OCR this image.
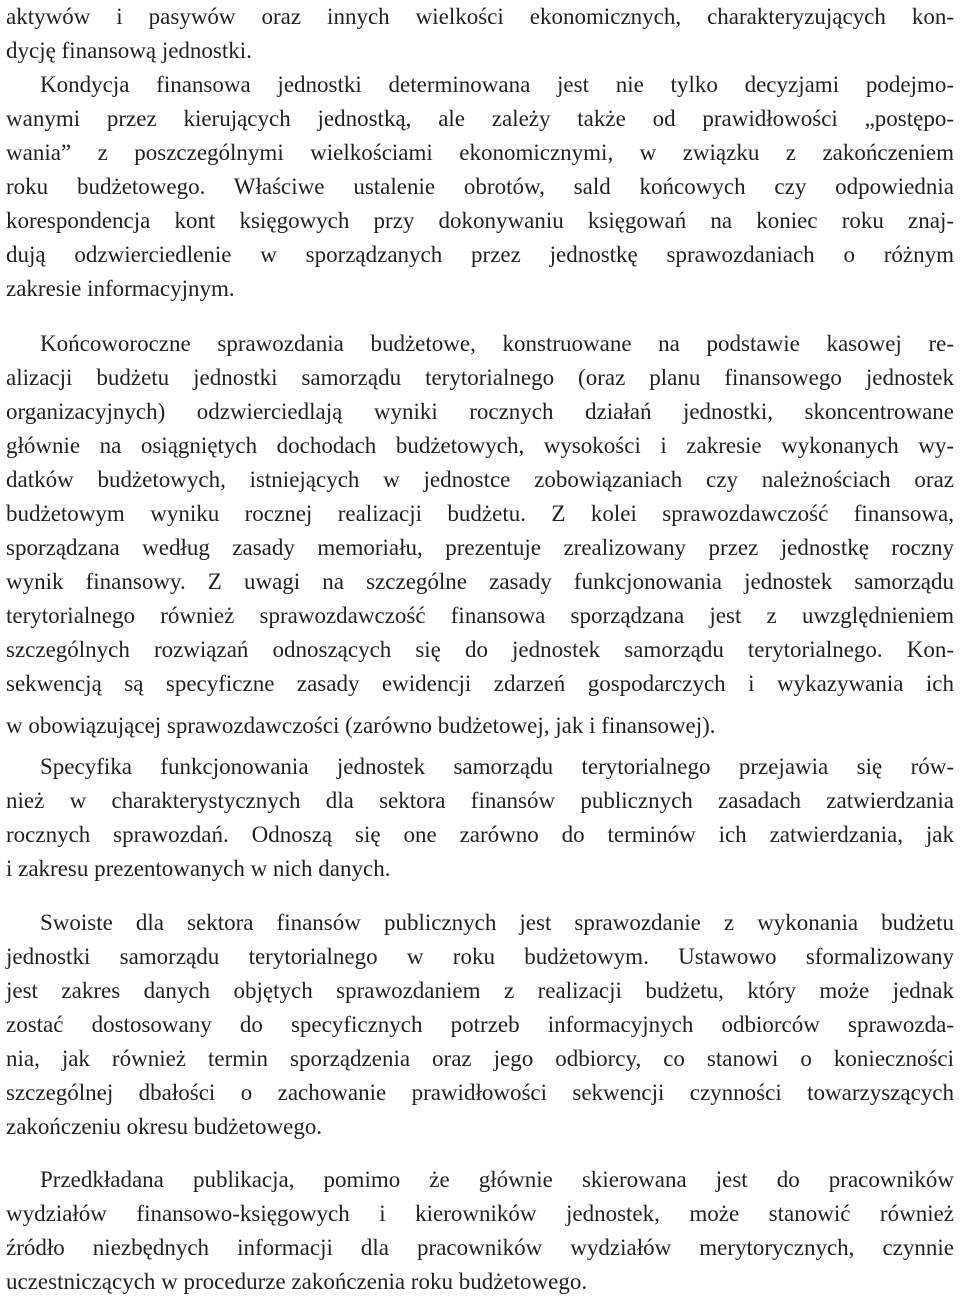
aktywów i pasywów oraz innych wielkości ekonomicznych, charakteryzujących kon-

dycję finansową jednostki.

Kondycja finansowa jednostki determinowana jest nie tylko decyzjami podejmo-

wanymi przez kierujących jednostką, ale zależy także od prawidłowości „postępo-

wania” z poszczególnymi wielkościami ekonomicznymi, w związku z zakończeniem

roku budżetowego. Właściwe ustalenie obrotów, sald końcowych czy odpowiednia

korespondencja kont księgowych przy dokonywaniu księgowań na koniec roku znaj-

dują odzwierciedlenie w sporządzanych przez jednostkę sprawozdaniach o różnym

zakresie informacyjnym.

Końcoworoczne sprawozdania budżetowe, konstruowane na podstawie kasowej re-

alizacji budżetu jednostki samorządu terytorialnego (oraz planu finansowego jednostek

organizacyjnych) odzwierciedlają wyniki rocznych działań jednostki, skoncentrowane

głównie na osiągniętych dochodach budżetowych, wysokości i zakresie wykonanych wy-

datków budżetowych, istniejących w jednostce zobowiązaniach czy należnościach oraz

budżetowym wyniku rocznej realizacji budżetu. Z kolei sprawozdawczość finansowa,

sporządzana według zasady memoriału, prezentuje zrealizowany przez jednostkę roczny

wynik finansowy. Z uwagi na szczególne zasady funkcjonowania jednostek samorządu

terytorialnego również sprawozdawczość finansowa sporządzana jest z uwzględnieniem

szczególnych rozwiązań odnoszących się do jednostek samorządu terytorialnego. Kon-

sekwencją są specyficzne zasady ewidencji zdarzeń gospodarczych i wykazywania ich

w obowiązującej sprawozdawczości (zarówno budżetowej, jak i finansowej).

Specyfika funkcjonowania jednostek samorządu terytorialnego przejawia się rów-

nież w charakterystycznych dla sektora finansów publicznych zasadach zatwierdzania

rocznych sprawozdań. Odnoszą się one zarówno do terminów ich zatwierdzania, jak

i zakresu prezentowanych w nich danych.

Swoiste dla sektora finansów publicznych jest sprawozdanie z wykonania budżetu

jednostki samorządu terytorialnego w roku budżetowym. Ustawowo sformalizowany

jest zakres danych objętych sprawozdaniem z realizacji budżetu, który może jednak

zostać dostosowany do specyficznych potrzeb informacyjnych odbiorców sprawozda-

nia, jak również termin sporządzenia oraz jego odbiorcy, co stanowi o konieczności

szczególnej dbałości o zachowanie prawidłowości sekwencji czynności towarzyszących

zakończeniu okresu budżetowego.

Przedkładana publikacja, pomimo że głównie skierowana jest do pracowników

wydziałów finansowo-księgowych i kierowników jednostek, może stanowić również

źródło niezbędnych informacji dla pracowników wydziałów merytorycznych, czynnie

uczestniczących w procedurze zakończenia roku budżetowego.
